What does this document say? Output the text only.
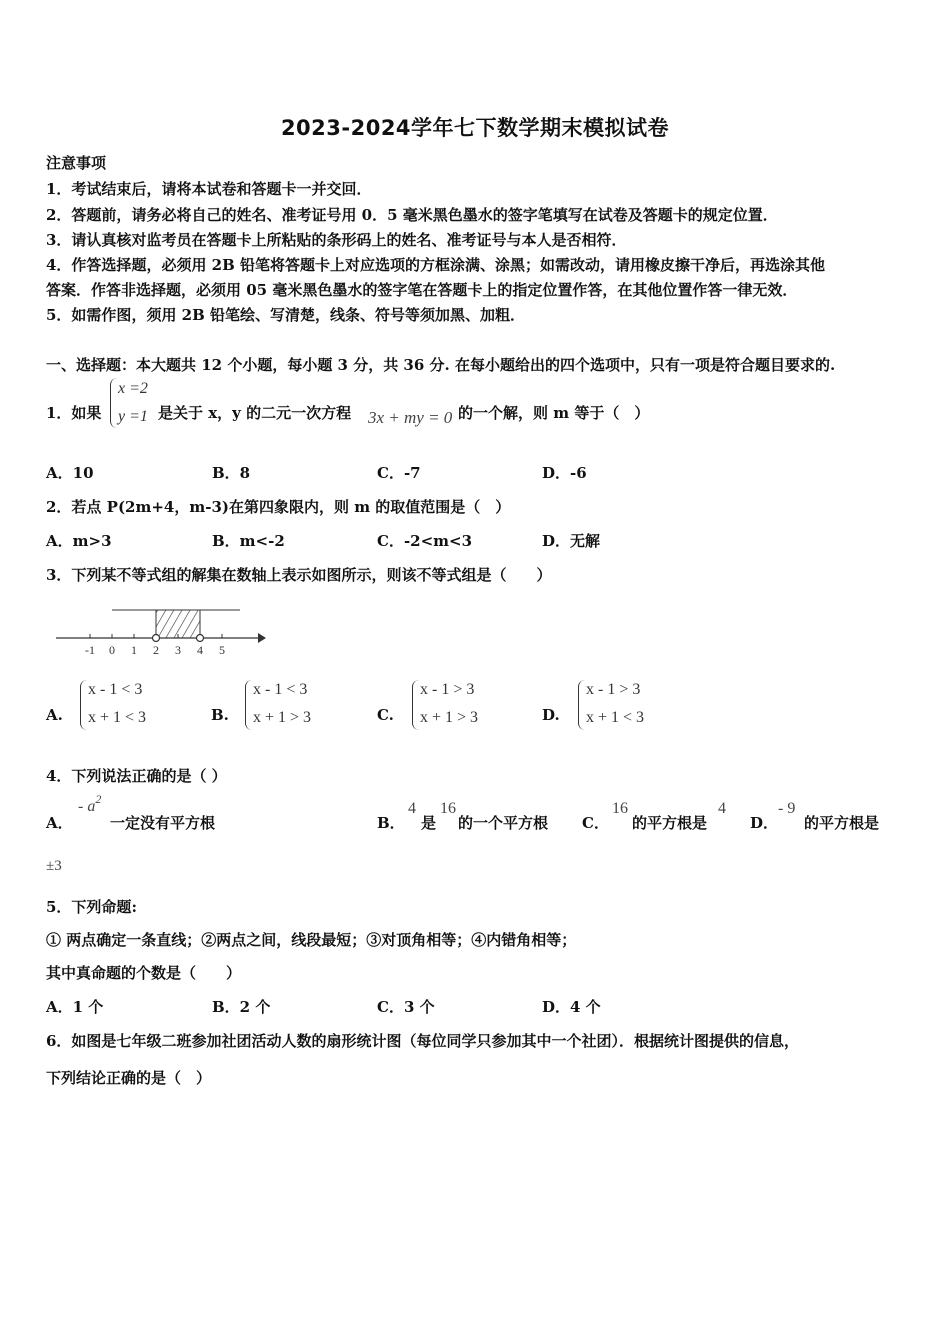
2023-2024学年七下数学期末模拟试卷
注意事项
1．考试结束后，请将本试卷和答题卡一并交回．
2．答题前，请务必将自己的姓名、准考证号用 0．5 毫米黑色墨水的签字笔填写在试卷及答题卡的规定位置．
3．请认真核对监考员在答题卡上所粘贴的条形码上的姓名、准考证号与本人是否相符．
4．作答选择题，必须用 2B 铅笔将答题卡上对应选项的方框涂满、涂黑；如需改动，请用橡皮擦干净后，再选涂其他
答案．作答非选择题，必须用 05 毫米黑色墨水的签字笔在答题卡上的指定位置作答，在其他位置作答一律无效．
5．如需作图，须用 2B 铅笔绘、写清楚，线条、符号等须加黑、加粗．
一、选择题：本大题共 12 个小题，每小题 3 分，共 36 分. 在每小题给出的四个选项中，只有一项是符合题目要求的.
1．如果
x =2
y =1 是关于 x，y 的二元一次方程 3x + my = 0 的一个解，则 m 等于（　）
A．10	B．8	C．-7	D．-6
2．若点 P(2m+4，m-3)在第四象限内，则 m 的取值范围是（　）
A．m>3	B．m<-2	C．-2<m<3	D．无解
3．下列某不等式组的解集在数轴上表示如图所示，则该不等式组是（　　）
-1 0 1 2 3 4 5
A.
x - 1 < 3
x + 1 < 3	B.
x - 1 < 3
x + 1 > 3	C.
x - 1 > 3
x + 1 > 3	D.
x - 1 > 3
x + 1 < 3
4．下列说法正确的是（ ）
A．
- $a^2$
一定没有平方根	B．
4
是
16
的一个平方根 C．
16
的平方根是
4
D．
- 9
的平方根是
±3
5．下列命题:
① 两点确定一条直线；②两点之间，线段最短；③对顶角相等；④内错角相等；
其中真命题的个数是（　　）
A．1 个	B．2 个	C．3 个	D．4 个
6．如图是七年级二班参加社团活动人数的扇形统计图（每位同学只参加其中一个社团）．根据统计图提供的信息，
下列结论正确的是（　）
